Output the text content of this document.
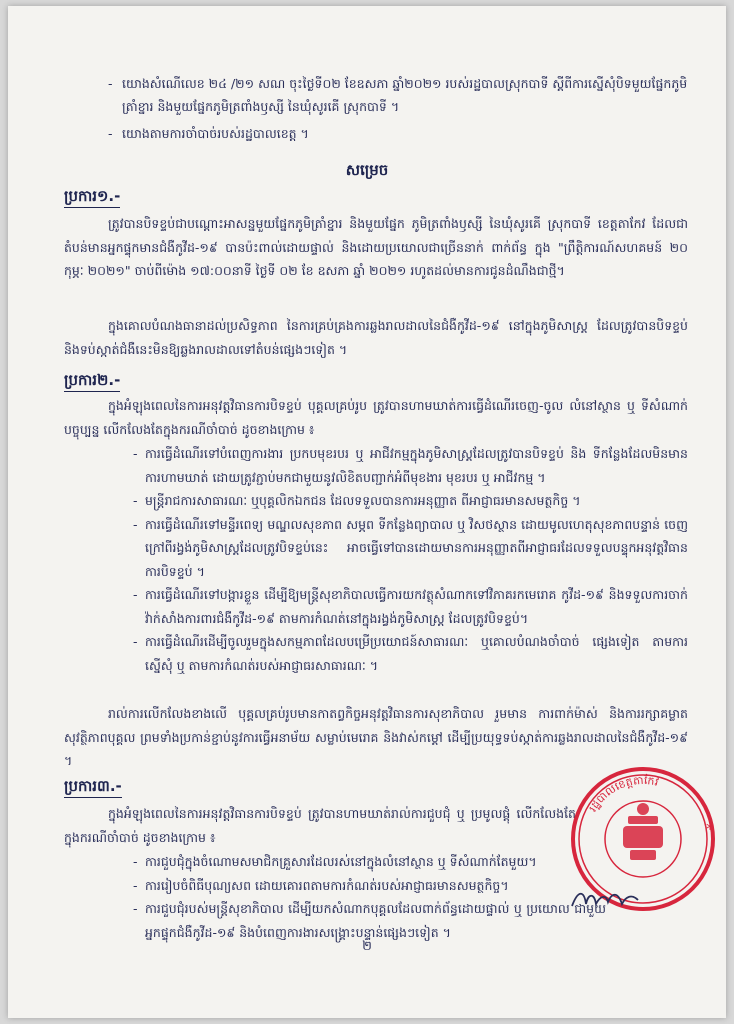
- យោងសំណើលេខ ២៤ /២១ សណ ចុះថ្ងៃទី០២ ខែឧសភា ឆ្នាំ២០២១ របស់រដ្ឋបាលស្រុកបាទី ស្តីពីការស្នើសុំបិទមួយផ្នែកភូមិត្រាំខ្នារ និងមួយផ្នែកភូមិត្រពាំងឫស្សី នៃឃុំសូរគើ ស្រុកបាទី ។
- យោងតាមការចាំបាច់របស់រដ្ឋបាលខេត្ត ។
សម្រេច
ប្រការ១.-

ត្រូវបានបិទខ្ទប់ជាបណ្តោះអាសន្នមួយផ្នែកភូមិត្រាំខ្នារ និងមួយផ្នែក ភូមិត្រពាំងឫស្សី នៃឃុំសូរគើ ស្រុកបាទី ខេត្តតាកែវ ដែលជាតំបន់មានអ្នកផ្ទុកមានជំងឺកូវីដ-១៩ បានប៉ះពាល់ដោយផ្ទាល់ និងដោយប្រយោលជាច្រើននាក់ ពាក់ព័ន្ធ ក្នុង "ព្រឹត្តិការណ៍សហគមន៍ ២០ កុម្ភៈ ២០២១" ចាប់ពីម៉ោង ១៧:០០នាទី ថ្ងៃទី ០២ ខែ ឧសភា ឆ្នាំ ២០២១ រហូតដល់មានការជូនដំណឹងជាថ្មី។

ក្នុងគោលបំណងធានាដល់ប្រសិទ្ធភាព នៃការគ្រប់គ្រងការឆ្លងរាលដាលនៃជំងឺកូវីដ-១៩ នៅក្នុងភូមិសាស្ត្រ ដែលត្រូវបានបិទខ្ទប់ និងទប់ស្កាត់ជំងឺនេះមិនឱ្យឆ្លងរាលដាលទៅតំបន់ផ្សេងៗទៀត ។

ប្រការ២.-

ក្នុងអំឡុងពេលនៃការអនុវត្តវិធានការបិទខ្ទប់ បុគ្គលគ្រប់រូប ត្រូវបានហាមឃាត់ការធ្វើដំណើរចេញ-ចូល លំនៅស្ថាន ឬ ទីសំណាក់បច្ចុប្បន្ន លើកលែងតែក្នុងករណីចាំបាច់ ដូចខាងក្រោម ៖

- ការធ្វើដំណើរទៅបំពេញការងារ ប្រកបមុខរបរ ឬ អាជីវកម្មក្នុងភូមិសាស្ត្រដែលត្រូវបានបិទខ្ទប់ និង ទីកន្លែងដែលមិនមានការហាមឃាត់ ដោយត្រូវភ្ជាប់មកជាមួយនូវលិខិតបញ្ជាក់អំពីមុខងារ មុខរបរ ឬ អាជីវកម្ម ។
- មន្ត្រីរាជការសាធារណៈ ឬបុគ្គលិកឯកជន ដែលទទួលបានការអនុញ្ញាត ពីអាជ្ញាធរមានសមត្ថកិច្ច ។
- ការធ្វើដំណើរទៅមន្ទីរពេទ្យ មណ្ឌលសុខភាព សម្ភព ទីកន្លែងព្យាបាល ឬ វិសថស្ថាន ដោយមូលហេតុសុខភាពបន្ទាន់ ចេញក្រៅពីរង្វង់ភូមិសាស្ត្រដែលត្រូវបិទខ្ទប់នេះ អាចធ្វើទៅបានដោយមានការអនុញ្ញាតពីអាជ្ញាធរដែលទទួលបន្ទុកអនុវត្តវិធានការបិទខ្ទប់ ។
- ការធ្វើដំណើរទៅបង្ការខ្លួន ដើម្បីឱ្យមន្ត្រីសុខាភិបាលធ្វើការយកវត្ថុសំណាកទៅវិភាគរកមេរោគ កូវីដ-១៩ និងទទួលការចាក់វ៉ាក់សាំងការពារជំងឺកូវីដ-១៩ តាមការកំណត់នៅក្នុងរង្វង់ភូមិសាស្ត្រ ដែលត្រូវបិទខ្ទប់។
- ការធ្វើដំណើរដើម្បីចូលរួមក្នុងសកម្មភាពដែលបម្រើប្រយោជន៍សាធារណៈ ឬគោលបំណងចាំបាច់ ផ្សេងទៀត តាមការស្នើសុំ ឬ តាមការកំណត់របស់អាជ្ញាធរសាធារណៈ ។

រាល់ការលើកលែងខាងលើ បុគ្គលគ្រប់រូបមានកាតព្វកិច្ចអនុវត្តវិធានការសុខាភិបាល រួមមាន ការពាក់ម៉ាស់ និងការរក្សាគម្លាតសុវត្ថិភាពបុគ្គល ព្រមទាំងប្រកាន់ខ្ជាប់នូវការធ្វើអនាម័យ សម្លាប់មេរោគ និងវាស់កម្តៅ ដើម្បីប្រយុទ្ធទប់ស្កាត់ការឆ្លងរាលដាលនៃជំងឺកូវីដ-១៩ ។

ប្រការ៣.-

ក្នុងអំឡុងពេលនៃការអនុវត្តវិធានការបិទខ្ទប់ ត្រូវបានហាមឃាត់រាល់ការជួបជុំ ឬ ប្រមូលផ្តុំ លើកលែងតែក្នុងករណីចាំបាច់ ដូចខាងក្រោម ៖

- ការជួបជុំក្នុងចំណោមសមាជិកគ្រួសារដែលរស់នៅក្នុងលំនៅស្ថាន ឬ ទីសំណាក់តែមួយ។
- ការរៀបចំពិធីបុណ្យសព ដោយគោរពតាមការកំណត់របស់អាជ្ញាធរមានសមត្ថកិច្ច។
- ការជួបជុំរបស់មន្ត្រីសុខាភិបាល ដើម្បីយកសំណាកបុគ្គលដែលពាក់ព័ន្ធដោយផ្ទាល់ ឬ ប្រយោល ជាមួយអ្នកផ្ទុកជំងឺកូវីដ-១៩ និងបំពេញការងារសង្គ្រោះបន្ទាន់ផ្សេងៗទៀត ។
រដ្ឋបាលខេត្តតាកែវ
*
២
